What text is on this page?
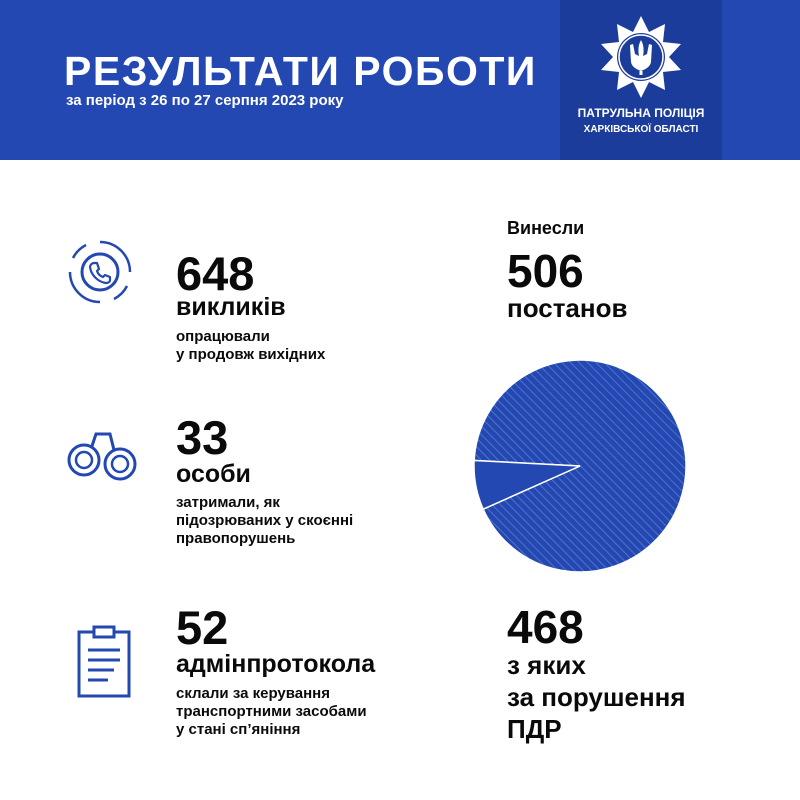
РЕЗУЛЬТАТИ РОБОТИ
за період з 26 по 27 серпня 2023 року
ПАТРУЛЬНА ПОЛІЦІЯ
ХАРКІВСЬКОЇ ОБЛАСТІ
648
викликів
опрацювали
у продовж вихідних
33
особи
затримали, як
підозрюваних у скоєнні
правопорушень
52
адмінпротокола
склали за керування
транспортними засобами
у стані сп’яніння
Винесли
506
постанов
468
з яких
за порушення
ПДР
